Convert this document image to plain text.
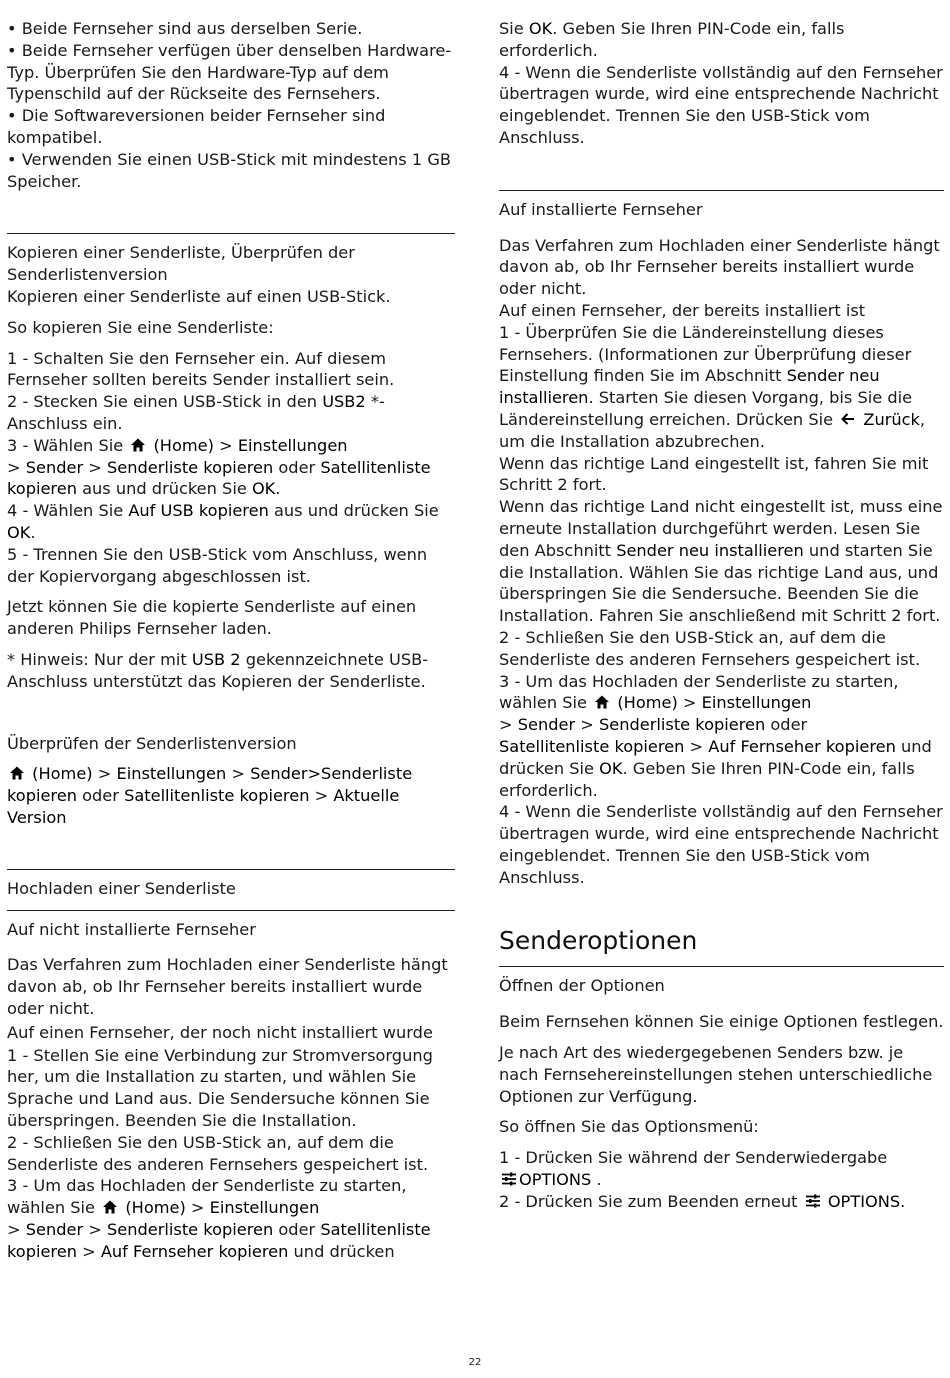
• Beide Fernseher sind aus derselben Serie.

• Beide Fernseher verfügen über denselben Hardware-Typ. Überprüfen Sie den Hardware-Typ auf dem Typenschild auf der Rückseite des Fernsehers.

• Die Softwareversionen beider Fernseher sind kompatibel.

• Verwenden Sie einen USB-Stick mit mindestens 1 GB Speicher.

Kopieren einer Senderliste, Überprüfen der Senderlistenversion

Kopieren einer Senderliste auf einen USB-Stick.

So kopieren Sie eine Senderliste:

1 - Schalten Sie den Fernseher ein. Auf diesem Fernseher sollten bereits Sender installiert sein.

2 - Stecken Sie einen USB-Stick in den USB2 *-Anschluss ein.

3 - Wählen Sie  (Home) > Einstellungen
> Sender > Senderliste kopieren oder Satellitenliste kopieren aus und drücken Sie OK.

4 - Wählen Sie Auf USB kopieren aus und drücken Sie OK.

5 - Trennen Sie den USB-Stick vom Anschluss, wenn der Kopiervorgang abgeschlossen ist.

Jetzt können Sie die kopierte Senderliste auf einen anderen Philips Fernseher laden.

* Hinweis: Nur der mit USB 2 gekennzeichnete USB-Anschluss unterstützt das Kopieren der Senderliste.

Überprüfen der Senderlistenversion

(Home) > Einstellungen > Sender>Senderliste kopieren oder Satellitenliste kopieren > Aktuelle Version

Hochladen einer Senderliste

Auf nicht installierte Fernseher

Das Verfahren zum Hochladen einer Senderliste hängt davon ab, ob Ihr Fernseher bereits installiert wurde oder nicht.

Auf einen Fernseher, der noch nicht installiert wurde

1 - Stellen Sie eine Verbindung zur Stromversorgung her, um die Installation zu starten, und wählen Sie Sprache und Land aus. Die Sendersuche können Sie überspringen. Beenden Sie die Installation.

2 - Schließen Sie den USB-Stick an, auf dem die Senderliste des anderen Fernsehers gespeichert ist.

3 - Um das Hochladen der Senderliste zu starten, wählen Sie  (Home) > Einstellungen
> Sender > Senderliste kopieren oder Satellitenliste kopieren > Auf Fernseher kopieren und drücken

Sie OK. Geben Sie Ihren PIN-Code ein, falls erforderlich.

4 - Wenn die Senderliste vollständig auf den Fernseher übertragen wurde, wird eine entsprechende Nachricht eingeblendet. Trennen Sie den USB-Stick vom Anschluss.

Auf installierte Fernseher

Das Verfahren zum Hochladen einer Senderliste hängt davon ab, ob Ihr Fernseher bereits installiert wurde oder nicht.

Auf einen Fernseher, der bereits installiert ist

1 - Überprüfen Sie die Ländereinstellung dieses Fernsehers. (Informationen zur Überprüfung dieser Einstellung finden Sie im Abschnitt Sender neu installieren. Starten Sie diesen Vorgang, bis Sie die Ländereinstellung erreichen. Drücken Sie  Zurück, um die Installation abzubrechen.

Wenn das richtige Land eingestellt ist, fahren Sie mit Schritt 2 fort.

Wenn das richtige Land nicht eingestellt ist, muss eine erneute Installation durchgeführt werden. Lesen Sie den Abschnitt Sender neu installieren und starten Sie die Installation. Wählen Sie das richtige Land aus, und überspringen Sie die Sendersuche. Beenden Sie die Installation. Fahren Sie anschließend mit Schritt 2 fort.

2 - Schließen Sie den USB-Stick an, auf dem die Senderliste des anderen Fernsehers gespeichert ist.

3 - Um das Hochladen der Senderliste zu starten, wählen Sie  (Home) > Einstellungen
> Sender > Senderliste kopieren oder
Satellitenliste kopieren > Auf Fernseher kopieren und drücken Sie OK. Geben Sie Ihren PIN-Code ein, falls erforderlich.

4 - Wenn die Senderliste vollständig auf den Fernseher übertragen wurde, wird eine entsprechende Nachricht eingeblendet. Trennen Sie den USB-Stick vom Anschluss.

Senderoptionen

Öffnen der Optionen

Beim Fernsehen können Sie einige Optionen festlegen.

Je nach Art des wiedergegebenen Senders bzw. je nach Fernsehereinstellungen stehen unterschiedliche Optionen zur Verfügung.

So öffnen Sie das Optionsmenü:

1 - Drücken Sie während der Senderwiedergabe
OPTIONS .

2 - Drücken Sie zum Beenden erneut  OPTIONS.

22
